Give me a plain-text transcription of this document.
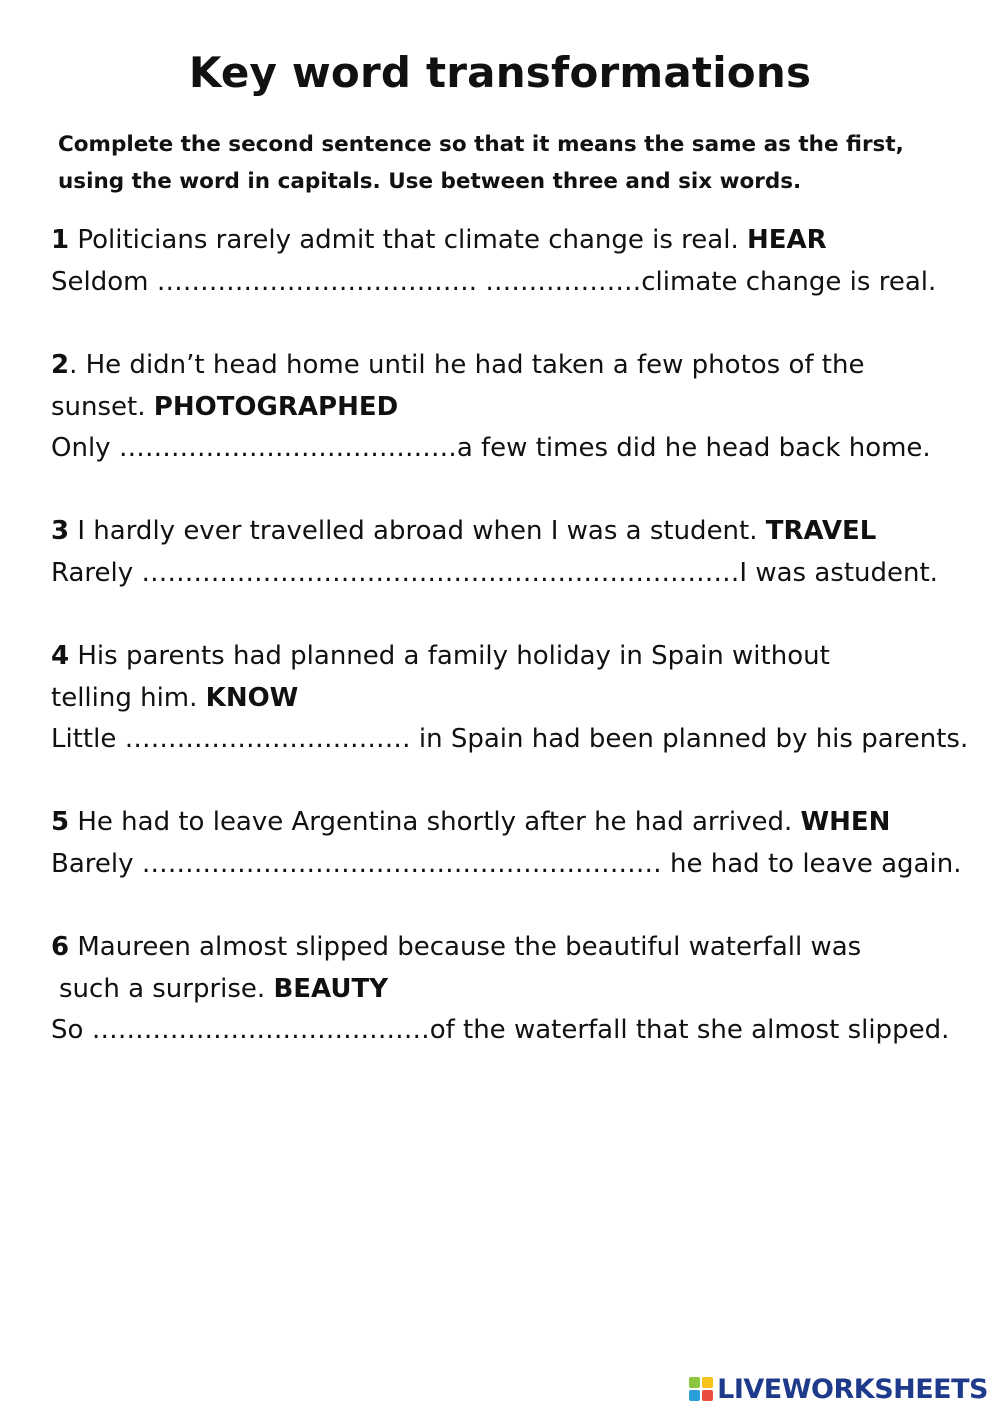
Key word transformations
Complete the second sentence so that it means the same as the first,
using the word in capitals. Use between three and six words.
1 Politicians rarely admit that climate change is real. HEAR
Seldom ………………………………. ………………climate change is real.
2. He didn’t head home until he had taken a few photos of the
sunset. PHOTOGRAPHED
Only …………………………………a few times did he head back home.
3 I hardly ever travelled abroad when I was a student. TRAVEL
Rarely ……………………………………………………………I was astudent.
4 His parents had planned a family holiday in Spain without
telling him. KNOW
Little …………………………… in Spain had been planned by his parents.
5 He had to leave Argentina shortly after he had arrived. WHEN
Barely …………………………………………………… he had to leave again.
6 Maureen almost slipped because the beautiful waterfall was
such a surprise. BEAUTY
So …………………………………of the waterfall that she almost slipped.
LIVEWORKSHEETS
